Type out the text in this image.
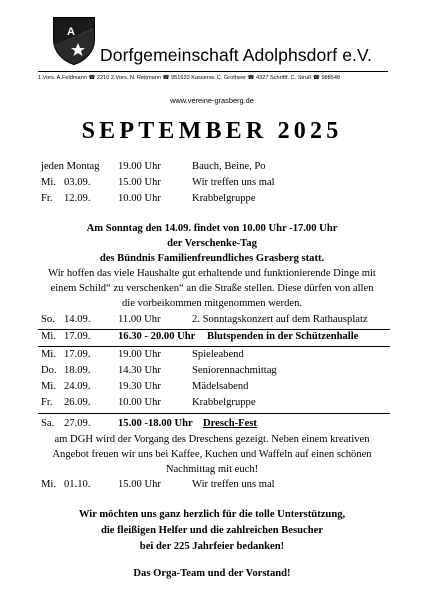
A
Dorfgemeinschaft Adolphsdorf e.V.
1.Vors. A.Feldmann ☎ 2210 2.Vors. N. Reitmann ☎ 951633 Kassenw. C. Grotheer ☎ 4327 Schriftf. C. Struß ☎ 988548
www.vereine-grasberg.de
SEPTEMBER 2025
jeden Montag 19.00 Uhr	Bauch, Beine, Po
Mi. 03.09.	15.00 Uhr	Wir treffen uns mal
Fr. 12.09.	10.00 Uhr	Krabbelgruppe
Am Sonntag den 14.09. findet von 10.00 Uhr -17.00 Uhr
der Verschenke-Tag
des Bündnis Familienfreundliches Grasberg statt.
Wir hoffen das viele Haushalte gut erhaltende und funktionierende Dinge mit
einem Schild“ zu verschenken“ an die Straße stellen. Diese dürfen von allen
die vorbeikommen mitgenommen werden.
So. 14.09.	11.00 Uhr	2. Sonntagskonzert auf dem Rathausplatz
Mi. 17.09.	16.30 - 20.00 Uhr Blutspenden in der Schützenhalle
Mi. 17.09.	19.00 Uhr	Spieleabend
Do. 18.09.	14.30 Uhr	Seniorennachmittag
Mi. 24.09.	19.30 Uhr	Mädelsabend
Fr. 26.09.	10.00 Uhr	Krabbelgruppe
Sa. 27.09.	15.00 -18.00 Uhr Dresch-Fest
am DGH wird der Vorgang des Dreschens gezeigt. Neben einem kreativen
Angebot freuen wir uns bei Kaffee, Kuchen und Waffeln auf einen schönen
Nachmittag mit euch!
Mi. 01.10.	15.00 Uhr	Wir treffen uns mal
Wir möchten uns ganz herzlich für die tolle Unterstützung,
die fleißigen Helfer und die zahlreichen Besucher
bei der 225 Jahrfeier bedanken!
Das Orga-Team und der Vorstand!
